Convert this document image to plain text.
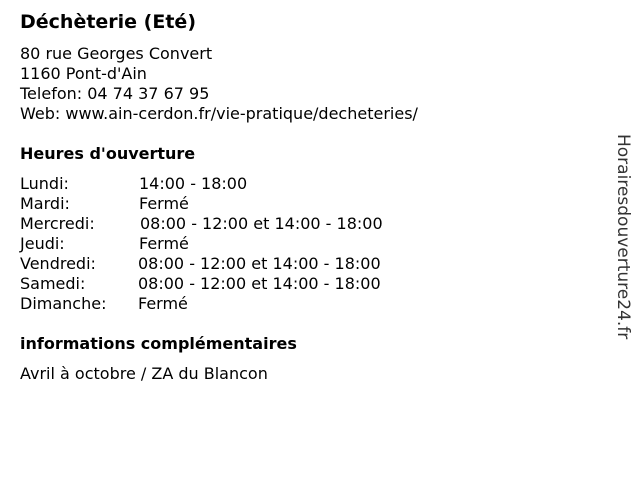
Déchèterie (Eté)
80 rue Georges Convert
1160 Pont-d'Ain
Telefon: 04 74 37 67 95
Web: www.ain-cerdon.fr/vie-pratique/decheteries/
Heures d'ouverture
Lundi:	14:00 - 18:00
Mardi:	Fermé
Mercredi:	08:00 - 12:00 et 14:00 - 18:00
Jeudi:	Fermé
Vendredi:	08:00 - 12:00 et 14:00 - 18:00
Samedi:	08:00 - 12:00 et 14:00 - 18:00
Dimanche: Fermé
informations complémentaires
Avril à octobre / ZA du Blancon
Horairesdouverture24.fr
